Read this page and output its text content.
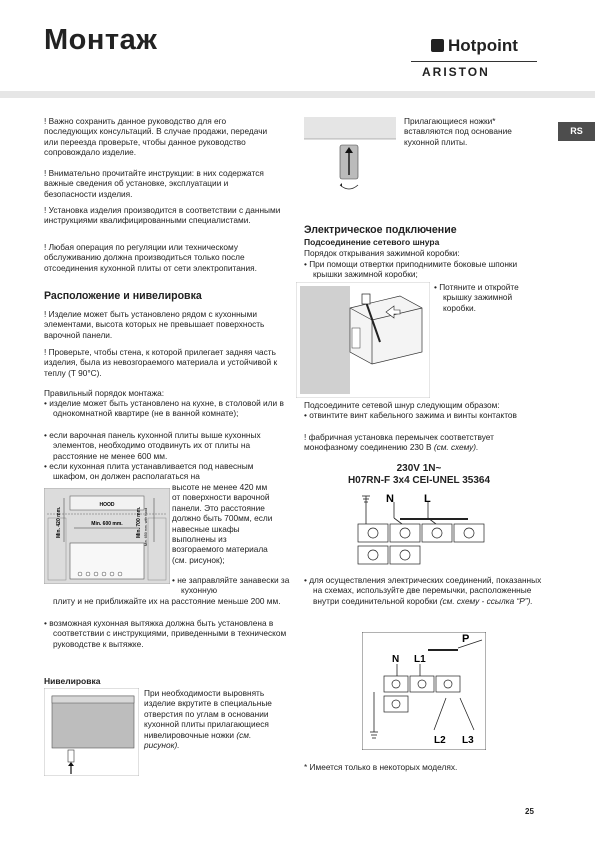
Монтаж	Hotpoint
ARISTON
RS
! Важно сохранить данное руководство для его последующих консультаций. В случае продажи, передачи или переезда проверьте, чтобы данное руководство сопровождало изделие.
! Внимательно прочитайте инструкции: в них содержатся важные сведения об установке, эксплуатации и безопасности изделия.
! Установка изделия производится в соответствии с данными инструкциями квалифицированными специалистами.
! Любая операция по регуляции или техническому обслуживанию должна производиться только после отсоединения кухонной плиты от сети электропитания.
Расположение и нивелировка
! Изделие может быть установлено рядом с кухонными элементами, высота которых не превышает поверхность варочной панели.
! Проверьте, чтобы стена, к которой прилегает задняя часть изделия, была из невозгораемого материала и устойчивой к теплу (T 90°C).
Правильный порядок монтажа:
• изделие может быть установлено на кухне, в столовой или в однокомнатной квартире (не в ванной комнате);
• если варочная панель кухонной плиты выше кухонных элементов, необходимо отодвинуть их от плиты на расстояние не менее 600 мм.
• если кухонная плита устанавливается под навесным шкафом, он должен располагаться на
высоте не менее 420 мм от поверхности варочной панели. Это расстояние должно быть 700мм, если навесные шкафы выполнены из возгораемого материала (см. рисунок);
• не заправляйте занавески за кухонную
плиту и не приближайте их на расстояние меньше 200 мм.
• возможная кухонная вытяжка должна быть установлена в соответствии с инструкциями, приведенными в техническом руководстве к вытяжке.
HOOD
Min. 600 mm.
Min. 420 mm.	Min. 650 mm. with hood
Min. 700 mm.
Нивелировка
При необходимости выровнять изделие вкрутите в специальные отверстия по углам в основании кухонной плиты прилагающиеся нивелировочные ножки (см. рисунок).
Прилагающиеся ножки* вставляются под основание кухонной плиты.
Электрическое подключение
Подсоединение сетевого шнура
Порядок открывания зажимной коробки:
• При помощи отвертки приподнимите боковые шпонки крышки зажимной коробки;
• Потяните и откройте крышку зажимной коробки.
Подсоедините сетевой шнур следующим образом:
• отвинтите винт кабельного зажима и винты контактов
! фабричная установка перемычек соответствует монофазному соединению 230 В (см. схему).
230V 1N~
H07RN-F 3x4 CEI-UNEL 35364
N	L
• для осуществления электрических соединений, показанных на схемах, используйте две перемычки, расположенные внутри соединительной коробки (см. схему - ссылка “P”).
P
N L1
L2 L3
* Имеется только в некоторых моделях.
25
